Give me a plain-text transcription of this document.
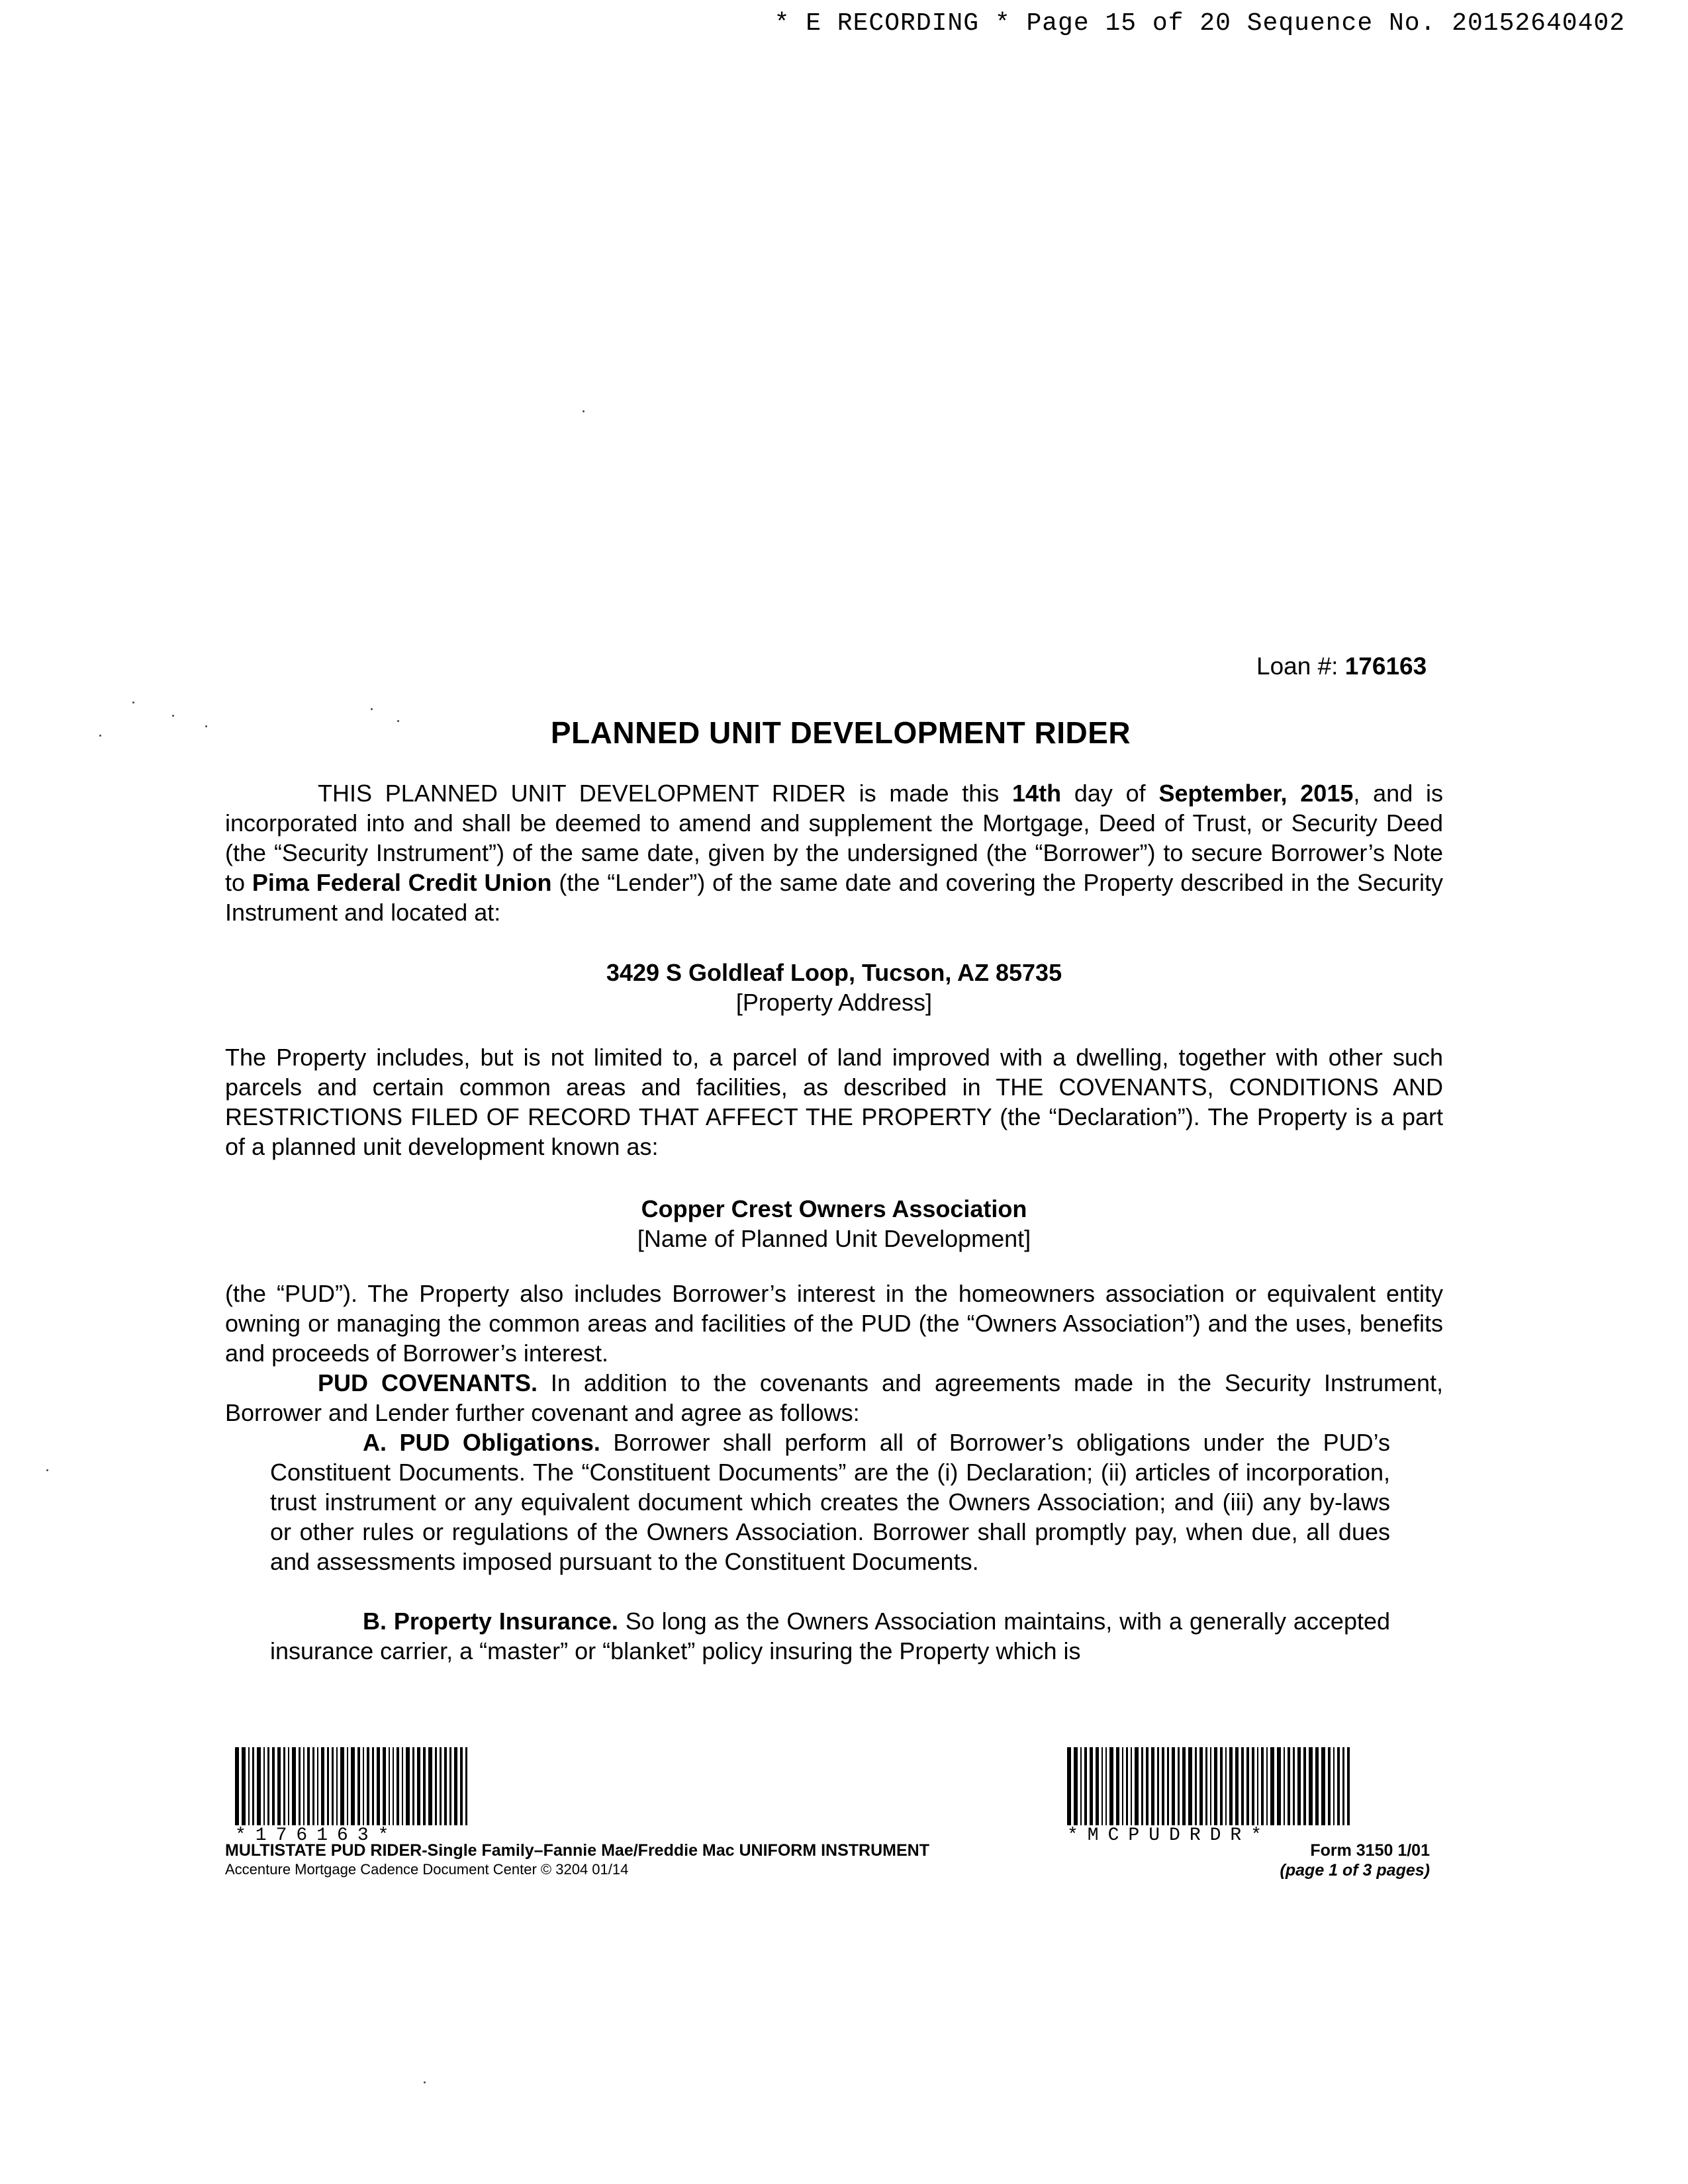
* E RECORDING * Page 15 of 20 Sequence No. 20152640402
Loan #: 176163
PLANNED UNIT DEVELOPMENT RIDER
THIS PLANNED UNIT DEVELOPMENT RIDER is made this 14th day of September, 2015, and is incorporated into and shall be deemed to amend and supplement the Mortgage, Deed of Trust, or Security Deed (the “Security Instrument”) of the same date, given by the undersigned (the “Borrower”) to secure Borrower’s Note to Pima Federal Credit Union (the “Lender”) of the same date and covering the Property described in the Security Instrument and located at:
3429 S Goldleaf Loop, Tucson, AZ 85735
[Property Address]
The Property includes, but is not limited to, a parcel of land improved with a dwelling, together with other such parcels and certain common areas and facilities, as described in THE COVENANTS, CONDITIONS AND RESTRICTIONS FILED OF RECORD THAT AFFECT THE PROPERTY (the “Declaration”). The Property is a part of a planned unit development known as:
Copper Crest Owners Association
[Name of Planned Unit Development]
(the “PUD”). The Property also includes Borrower’s interest in the homeowners association or equivalent entity owning or managing the common areas and facilities of the PUD (the “Owners Association”) and the uses, benefits and proceeds of Borrower’s interest.
PUD COVENANTS. In addition to the covenants and agreements made in the Security Instrument, Borrower and Lender further covenant and agree as follows:
A. PUD Obligations. Borrower shall perform all of Borrower’s obligations under the PUD’s Constituent Documents. The “Constituent Documents” are the (i) Declaration; (ii) articles of incorporation, trust instrument or any equivalent document which creates the Owners Association; and (iii) any by-laws or other rules or regulations of the Owners Association. Borrower shall promptly pay, when due, all dues and assessments imposed pursuant to the Constituent Documents.
B. Property Insurance. So long as the Owners Association maintains, with a generally accepted insurance carrier, a “master” or “blanket” policy insuring the Property which is
*176163*	*MCPUDRDR*
MULTISTATE PUD RIDER-Single Family–Fannie Mae/Freddie Mac UNIFORM INSTRUMENT
Accenture Mortgage Cadence Document Center © 3204 01/14
Form 3150 1/01
(page 1 of 3 pages)
